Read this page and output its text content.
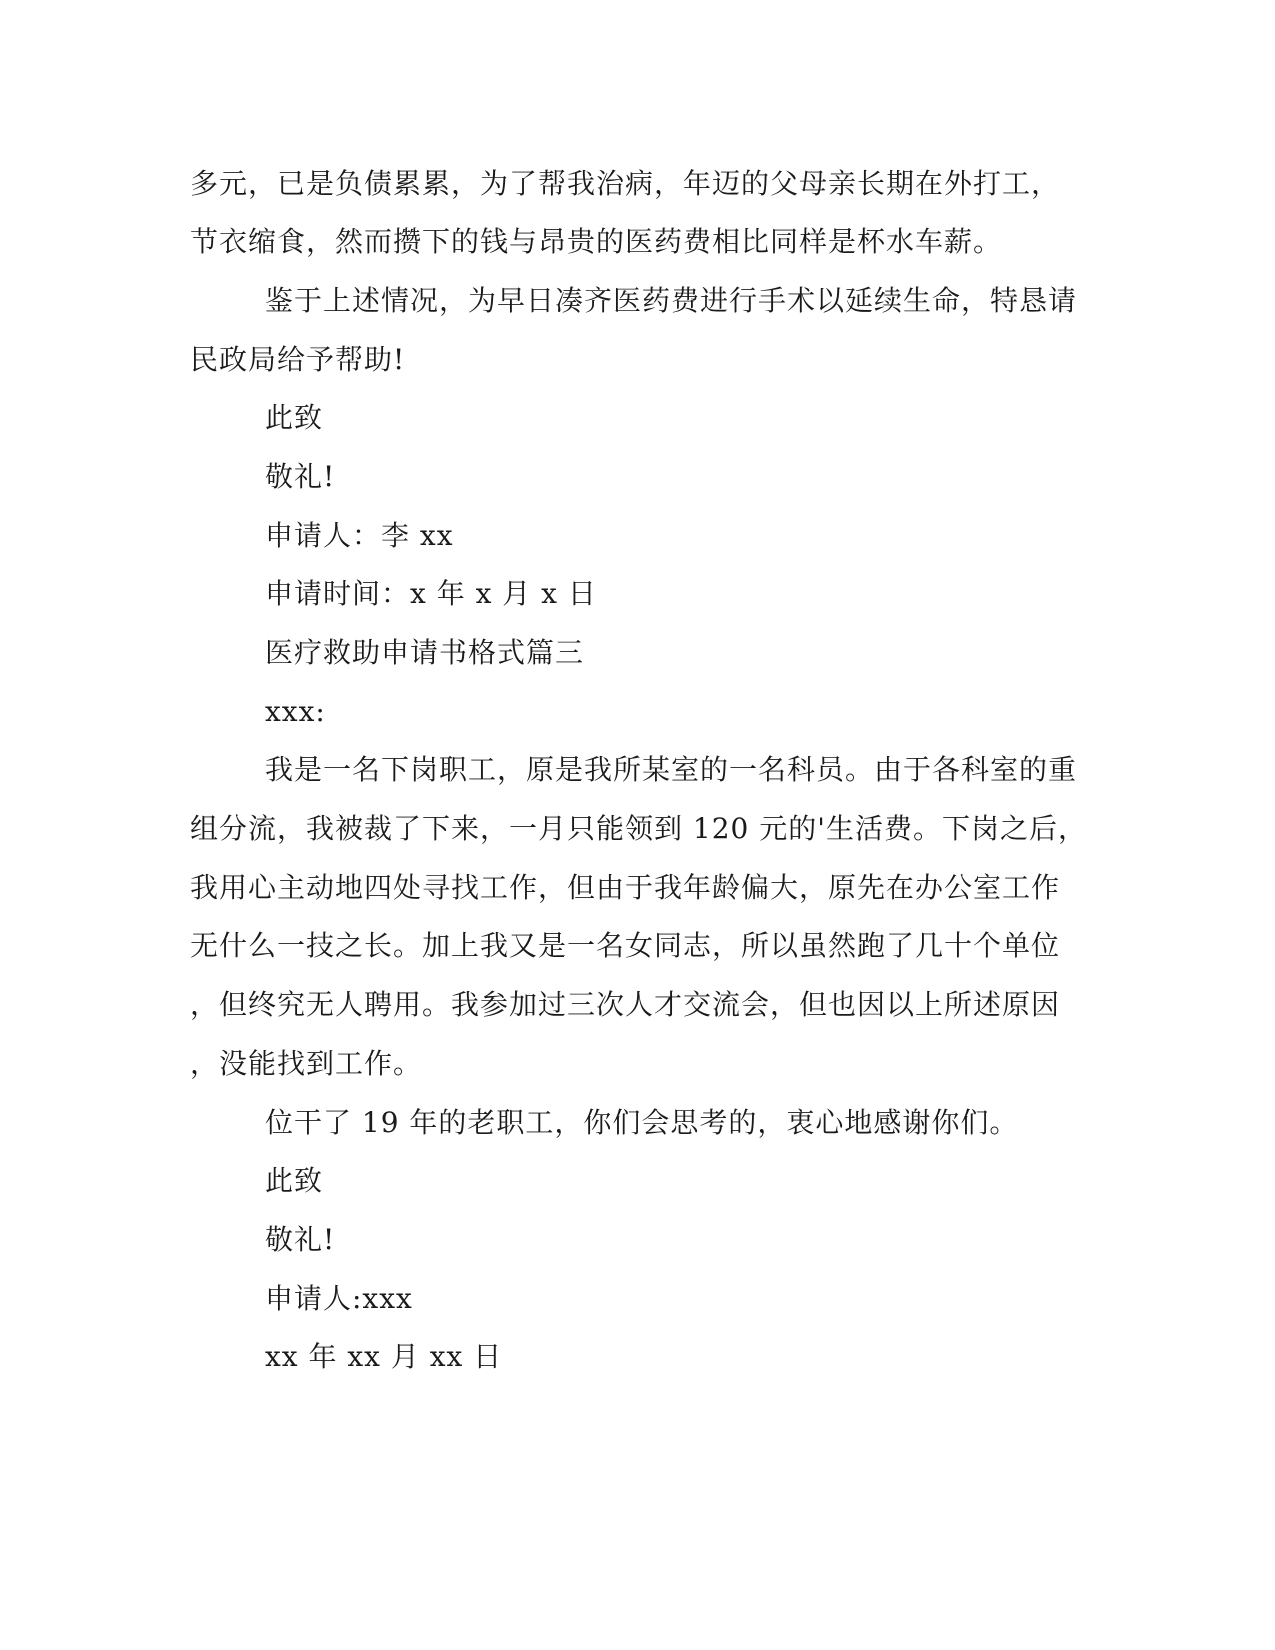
多元，已是负债累累，为了帮我治病，年迈的父母亲长期在外打工，
节衣缩食，然而攒下的钱与昂贵的医药费相比同样是杯水车薪。
鉴于上述情况，为早日凑齐医药费进行手术以延续生命，特恳请
民政局给予帮助!
此致
敬礼!
申请人：李 xx
申请时间：x 年 x 月 x 日
医疗救助申请书格式篇三
xxx:
我是一名下岗职工，原是我所某室的一名科员。由于各科室的重
组分流，我被裁了下来，一月只能领到 120 元的'生活费。下岗之后，
我用心主动地四处寻找工作，但由于我年龄偏大，原先在办公室工作
无什么一技之长。加上我又是一名女同志，所以虽然跑了几十个单位
，但终究无人聘用。我参加过三次人才交流会，但也因以上所述原因
，没能找到工作。
位干了 19 年的老职工，你们会思考的，衷心地感谢你们。
此致
敬礼!
申请人:xxx
xx 年 xx 月 xx 日
